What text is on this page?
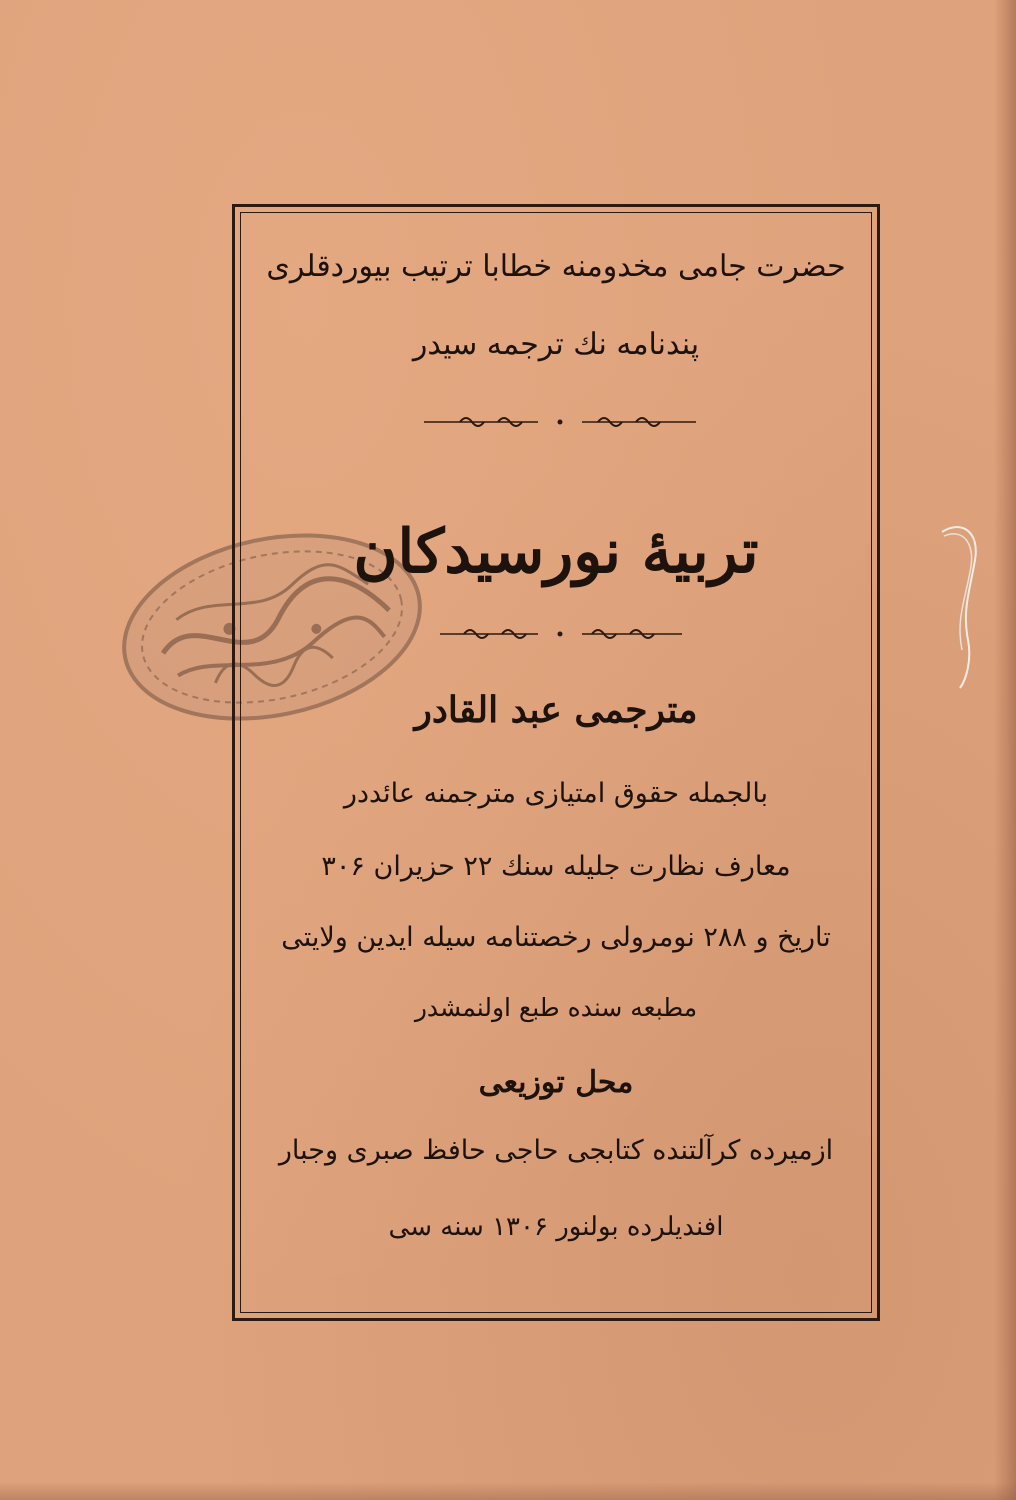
حضرت جامی مخدومنه خطابا ترتیب بیوردقلری
پندنامه نك ترجمه سیدر
تربیهٔ نورسیدكان
مترجمی عبد القادر
بالجمله حقوق امتیازی مترجمنه عائددر
معارف نظارت جلیله سنك ۲۲ حزیران ۳۰۶
تاریخ و ۲۸۸ نومرولی رخصتنامه سیله ایدین ولایتی
مطبعه سنده طبع اولنمشدر
محل توزیعی
ازمیرده كرآلتنده كتابجی حاجی حافظ صبری وجبار
افندیلرده بولنور ۱۳۰۶ سنه سی
